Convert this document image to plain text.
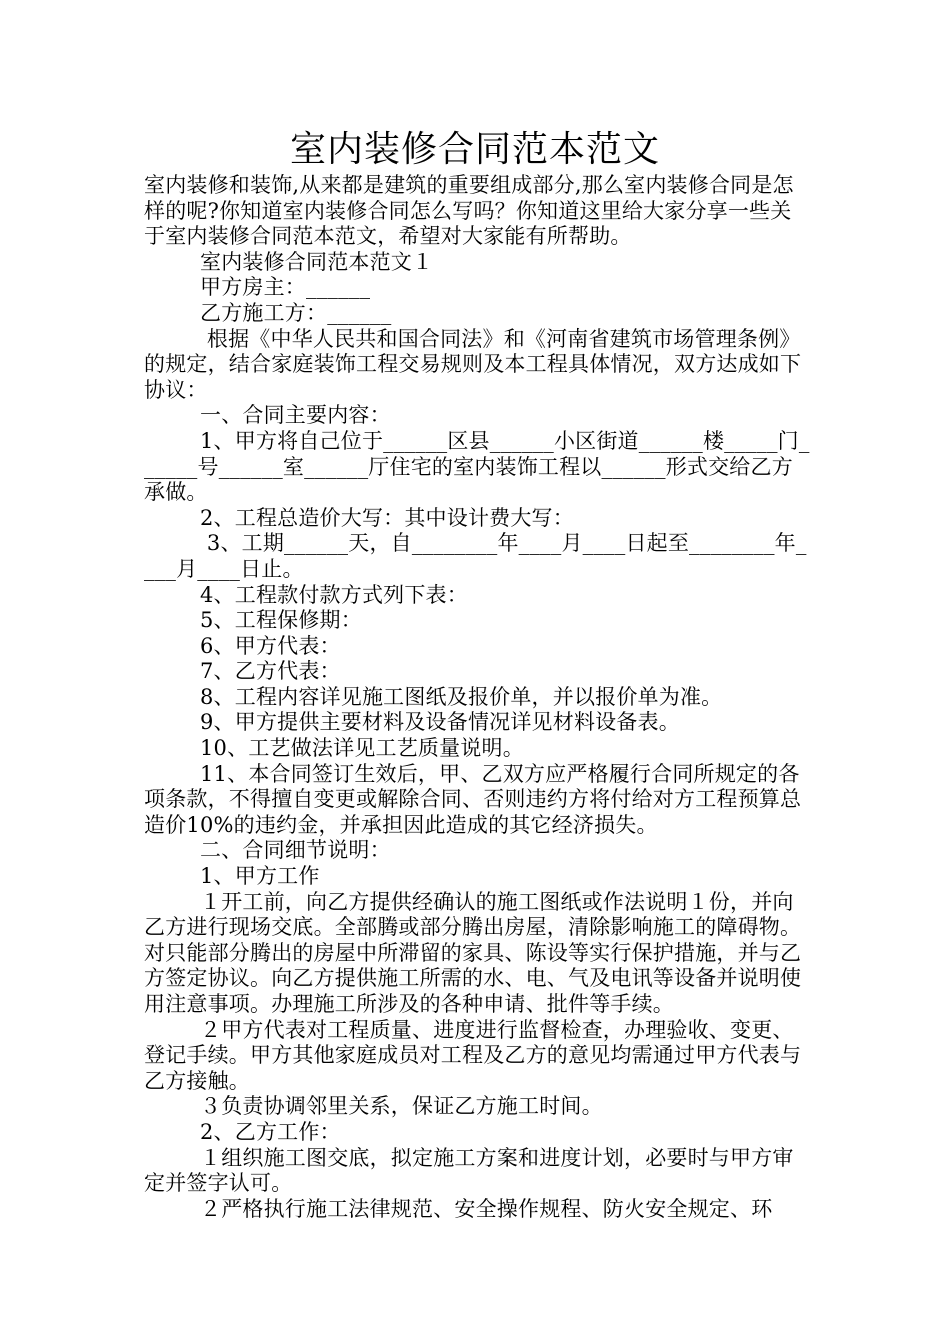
室内装修合同范本范文

室内装修和装饰,从来都是建筑的重要组成部分,那么室内装修合同是怎样的呢?你知道室内装修合同怎么写吗？你知道这里给大家分享一些关于室内装修合同范本范文，希望对大家能有所帮助。

室内装修合同范本范文１

甲方房主：______

乙方施工方：______

根据《中华人民共和国合同法》和《河南省建筑市场管理条例》的规定，结合家庭装饰工程交易规则及本工程具体情况，双方达成如下协议：

一、合同主要内容：

1、甲方将自己位于______区县______小区街道______楼_____门______号______室______厅住宅的室内装饰工程以______形式交给乙方承做。

2、工程总造价大写：其中设计费大写：

3、工期______天，自________年____月____日起至________年____月____日止。

4、工程款付款方式列下表：

5、工程保修期：

6、甲方代表：

7、乙方代表：

8、工程内容详见施工图纸及报价单，并以报价单为准。

9、甲方提供主要材料及设备情况详见材料设备表。

10、工艺做法详见工艺质量说明。

11、本合同签订生效后，甲、乙双方应严格履行合同所规定的各项条款，不得擅自变更或解除合同、否则违约方将付给对方工程预算总造价10%的违约金，并承担因此造成的其它经济损失。

二、合同细节说明：

1、甲方工作

１开工前，向乙方提供经确认的施工图纸或作法说明１份，并向乙方进行现场交底。全部腾或部分腾出房屋，清除影响施工的障碍物。对只能部分腾出的房屋中所滞留的家具、陈设等实行保护措施，并与乙方签定协议。向乙方提供施工所需的水、电、气及电讯等设备并说明使用注意事项。办理施工所涉及的各种申请、批件等手续。

２甲方代表对工程质量、进度进行监督检查，办理验收、变更、登记手续。甲方其他家庭成员对工程及乙方的意见均需通过甲方代表与乙方接触。

３负责协调邻里关系，保证乙方施工时间。

2、乙方工作：

１组织施工图交底，拟定施工方案和进度计划，必要时与甲方审定并签字认可。

２严格执行施工法律规范、安全操作规程、防火安全规定、环
